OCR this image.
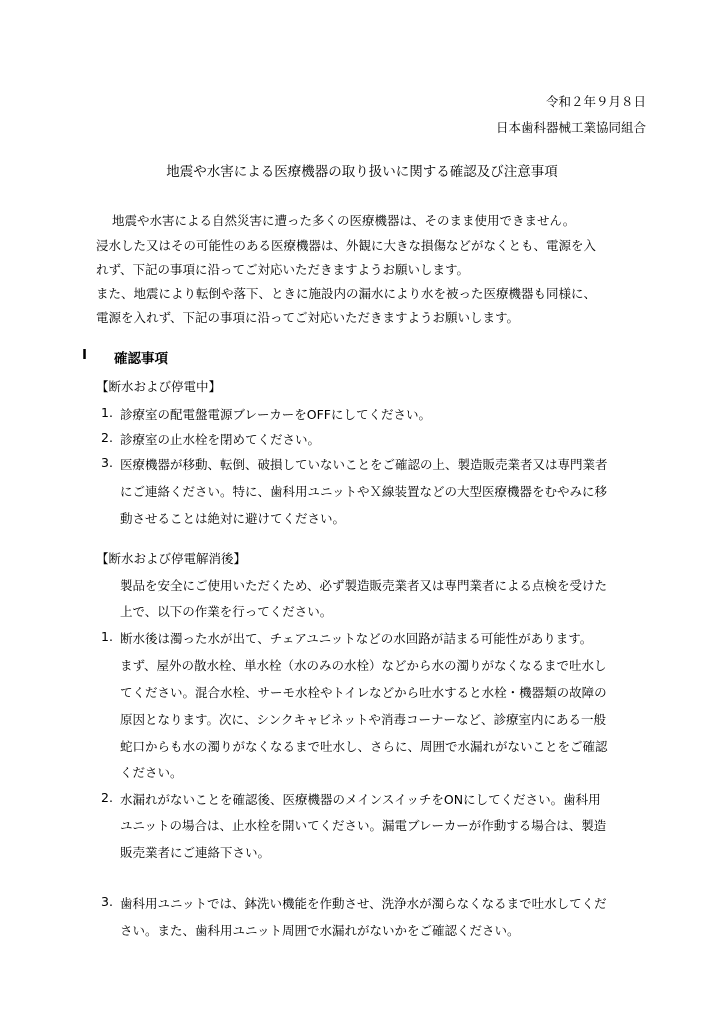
令和２年９月８日
日本歯科器械工業協同組合
地震や水害による医療機器の取り扱いに関する確認及び注意事項
地震や水害による自然災害に遭った多くの医療機器は、そのまま使用できません。
浸水した又はその可能性のある医療機器は、外観に大きな損傷などがなくとも、電源を入
れず、下記の事項に沿ってご対応いただきますようお願いします。
また、地震により転倒や落下、ときに施設内の漏水により水を被った医療機器も同様に、
電源を入れず、下記の事項に沿ってご対応いただきますようお願いします。
Ⅰ 確認事項
【断水および停電中】
1. 診療室の配電盤電源ブレーカーをOFFにしてください。
2. 診療室の止水栓を閉めてください。
3. 医療機器が移動、転倒、破損していないことをご確認の上、製造販売業者又は専門業者
にご連絡ください。特に、歯科用ユニットやＸ線装置などの大型医療機器をむやみに移
動させることは絶対に避けてください。
【断水および停電解消後】
製品を安全にご使用いただくため、必ず製造販売業者又は専門業者による点検を受けた
上で、以下の作業を行ってください。
1. 断水後は濁った水が出て、チェアユニットなどの水回路が詰まる可能性があります。
まず、屋外の散水栓、単水栓（水のみの水栓）などから水の濁りがなくなるまで吐水し
てください。混合水栓、サーモ水栓やトイレなどから吐水すると水栓・機器類の故障の
原因となります。次に、シンクキャビネットや消毒コーナーなど、診療室内にある一般
蛇口からも水の濁りがなくなるまで吐水し、さらに、周囲で水漏れがないことをご確認
ください。
2. 水漏れがないことを確認後、医療機器のメインスイッチをONにしてください。歯科用
ユニットの場合は、止水栓を開いてください。漏電ブレーカーが作動する場合は、製造
販売業者にご連絡下さい。
3. 歯科用ユニットでは、鉢洗い機能を作動させ、洗浄水が濁らなくなるまで吐水してくだ
さい。また、歯科用ユニット周囲で水漏れがないかをご確認ください。
